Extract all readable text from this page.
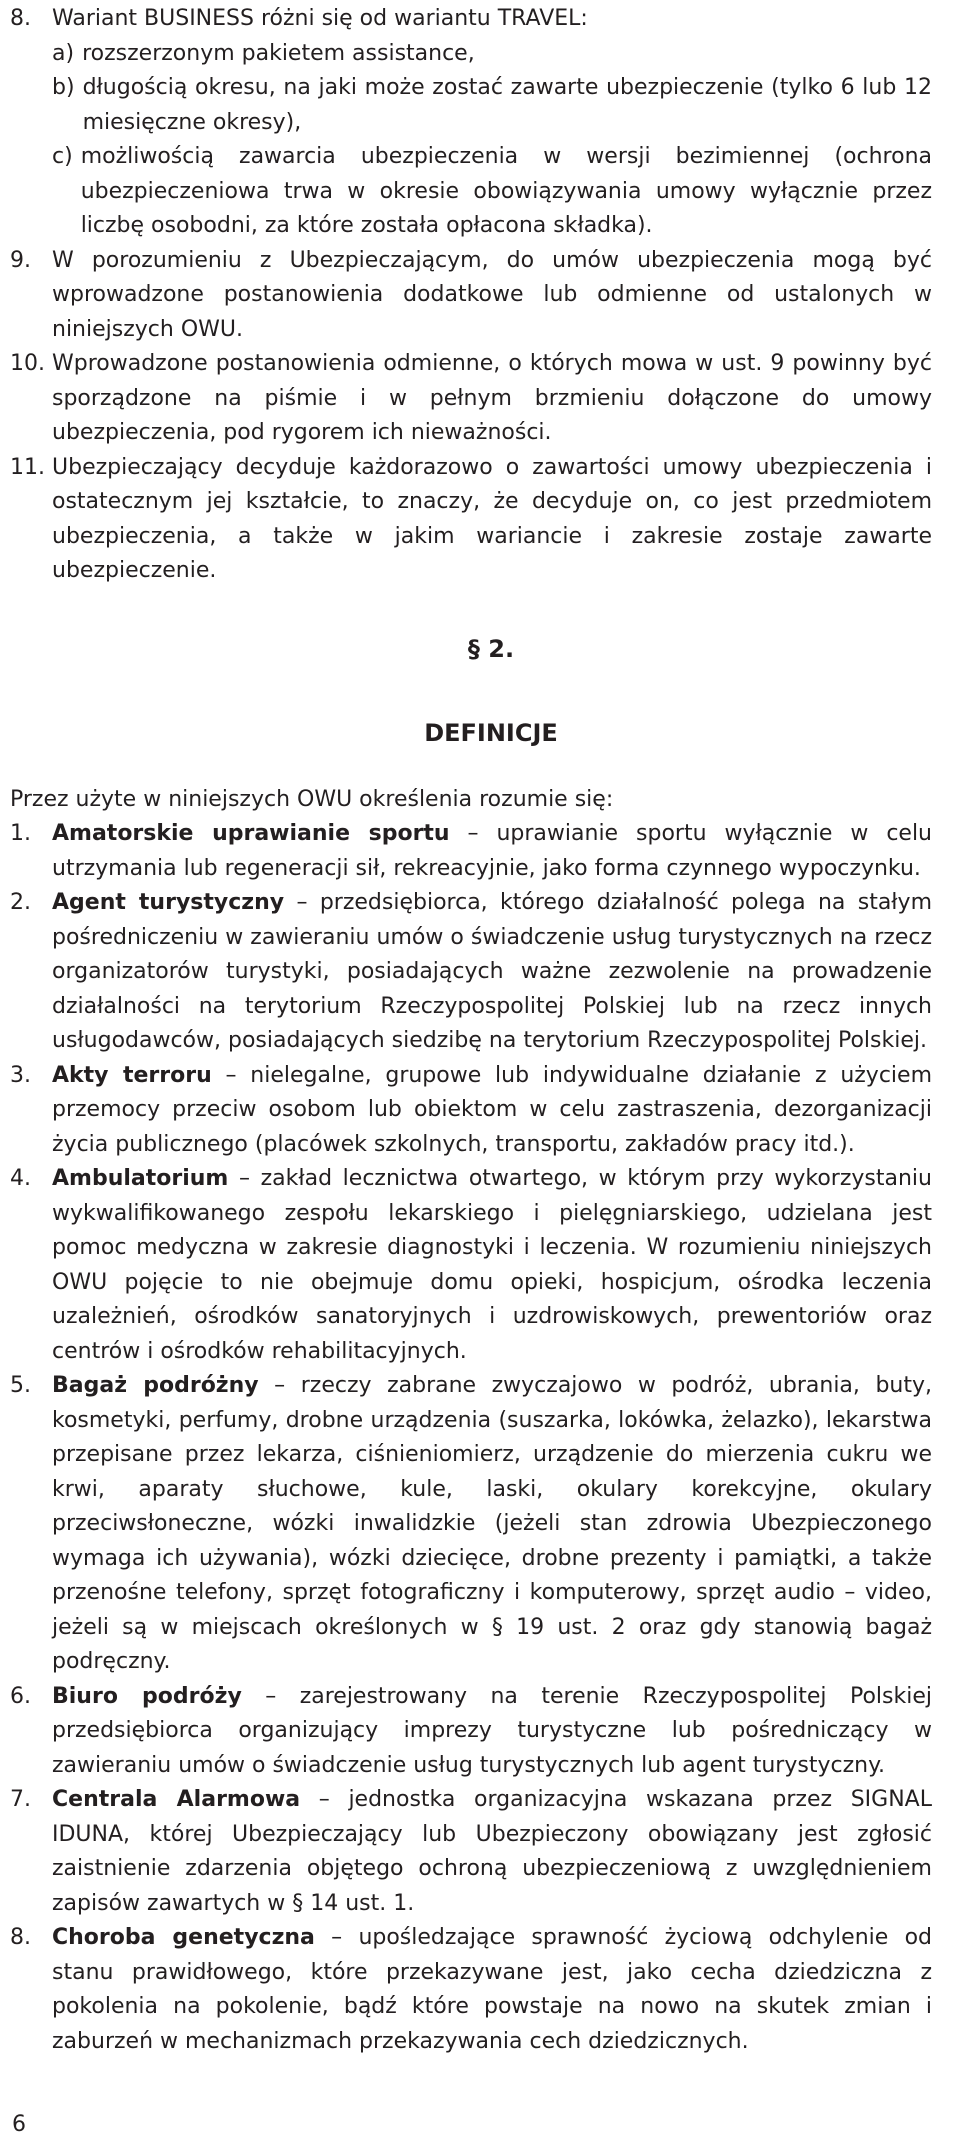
8. Wariant BUSINESS różni się od wariantu TRAVEL:
a) rozszerzonym pakietem assistance,
b) długością okresu, na jaki może zostać zawarte ubezpieczenie (tylko 6 lub 12 miesięczne okresy),
c) możliwością zawarcia ubezpieczenia w wersji bezimiennej (ochrona ubezpieczeniowa trwa w okresie obowiązywania umowy wyłącznie przez liczbę osobodni, za które została opłacona składka).
9. W porozumieniu z Ubezpieczającym, do umów ubezpieczenia mogą być wprowadzone postanowienia dodatkowe lub odmienne od ustalonych w niniejszych OWU.
10. Wprowadzone postanowienia odmienne, o których mowa w ust. 9 powinny być sporządzone na piśmie i w pełnym brzmieniu dołączone do umowy ubezpieczenia, pod rygorem ich nieważności.
11. Ubezpieczający decyduje każdorazowo o zawartości umowy ubezpieczenia i ostatecznym jej kształcie, to znaczy, że decyduje on, co jest przedmiotem ubezpieczenia, a także w jakim wariancie i zakresie zostaje zawarte ubezpieczenie.
§ 2.
DEFINICJE
Przez użyte w niniejszych OWU określenia rozumie się:
1. Amatorskie uprawianie sportu – uprawianie sportu wyłącznie w celu utrzymania lub regeneracji sił, rekreacyjnie, jako forma czynnego wypoczynku.
2. Agent turystyczny – przedsiębiorca, którego działalność polega na stałym pośredniczeniu w zawieraniu umów o świadczenie usług turystycznych na rzecz organizatorów turystyki, posiadających ważne zezwolenie na prowadzenie działalności na terytorium Rzeczypospolitej Polskiej lub na rzecz innych usługodawców, posiadających siedzibę na terytorium Rzeczypospolitej Polskiej.
3. Akty terroru – nielegalne, grupowe lub indywidualne działanie z użyciem przemocy przeciw osobom lub obiektom w celu zastraszenia, dezorganizacji życia publicznego (placówek szkolnych, transportu, zakładów pracy itd.).
4. Ambulatorium – zakład lecznictwa otwartego, w którym przy wykorzystaniu wykwalifikowanego zespołu lekarskiego i pielęgniarskiego, udzielana jest pomoc medyczna w zakresie diagnostyki i leczenia. W rozumieniu niniejszych OWU pojęcie to nie obejmuje domu opieki, hospicjum, ośrodka leczenia uzależnień, ośrodków sanatoryjnych i uzdrowiskowych, prewentoriów oraz centrów i ośrodków rehabilitacyjnych.
5. Bagaż podróżny – rzeczy zabrane zwyczajowo w podróż, ubrania, buty, kosmetyki, perfumy, drobne urządzenia (suszarka, lokówka, żelazko), lekarstwa przepisane przez lekarza, ciśnieniomierz, urządzenie do mierzenia cukru we krwi, aparaty słuchowe, kule, laski, okulary korekcyjne, okulary przeciwsłoneczne, wózki inwalidzkie (jeżeli stan zdrowia Ubezpieczonego wymaga ich używania), wózki dziecięce, drobne prezenty i pamiątki, a także przenośne telefony, sprzęt fotograficzny i komputerowy, sprzęt audio – video, jeżeli są w miejscach określonych w § 19 ust. 2 oraz gdy stanowią bagaż podręczny.
6. Biuro podróży – zarejestrowany na terenie Rzeczypospolitej Polskiej przedsiębiorca organizujący imprezy turystyczne lub pośredniczący w zawieraniu umów o świadczenie usług turystycznych lub agent turystyczny.
7. Centrala Alarmowa – jednostka organizacyjna wskazana przez SIGNAL IDUNA, której Ubezpieczający lub Ubezpieczony obowiązany jest zgłosić zaistnienie zdarzenia objętego ochroną ubezpieczeniową z uwzględnieniem zapisów zawartych w § 14 ust. 1.
8. Choroba genetyczna – upośledzające sprawność życiową odchylenie od stanu prawidłowego, które przekazywane jest, jako cecha dziedziczna z pokolenia na pokolenie, bądź które powstaje na nowo na skutek zmian i zaburzeń w mechanizmach przekazywania cech dziedzicznych.
6
